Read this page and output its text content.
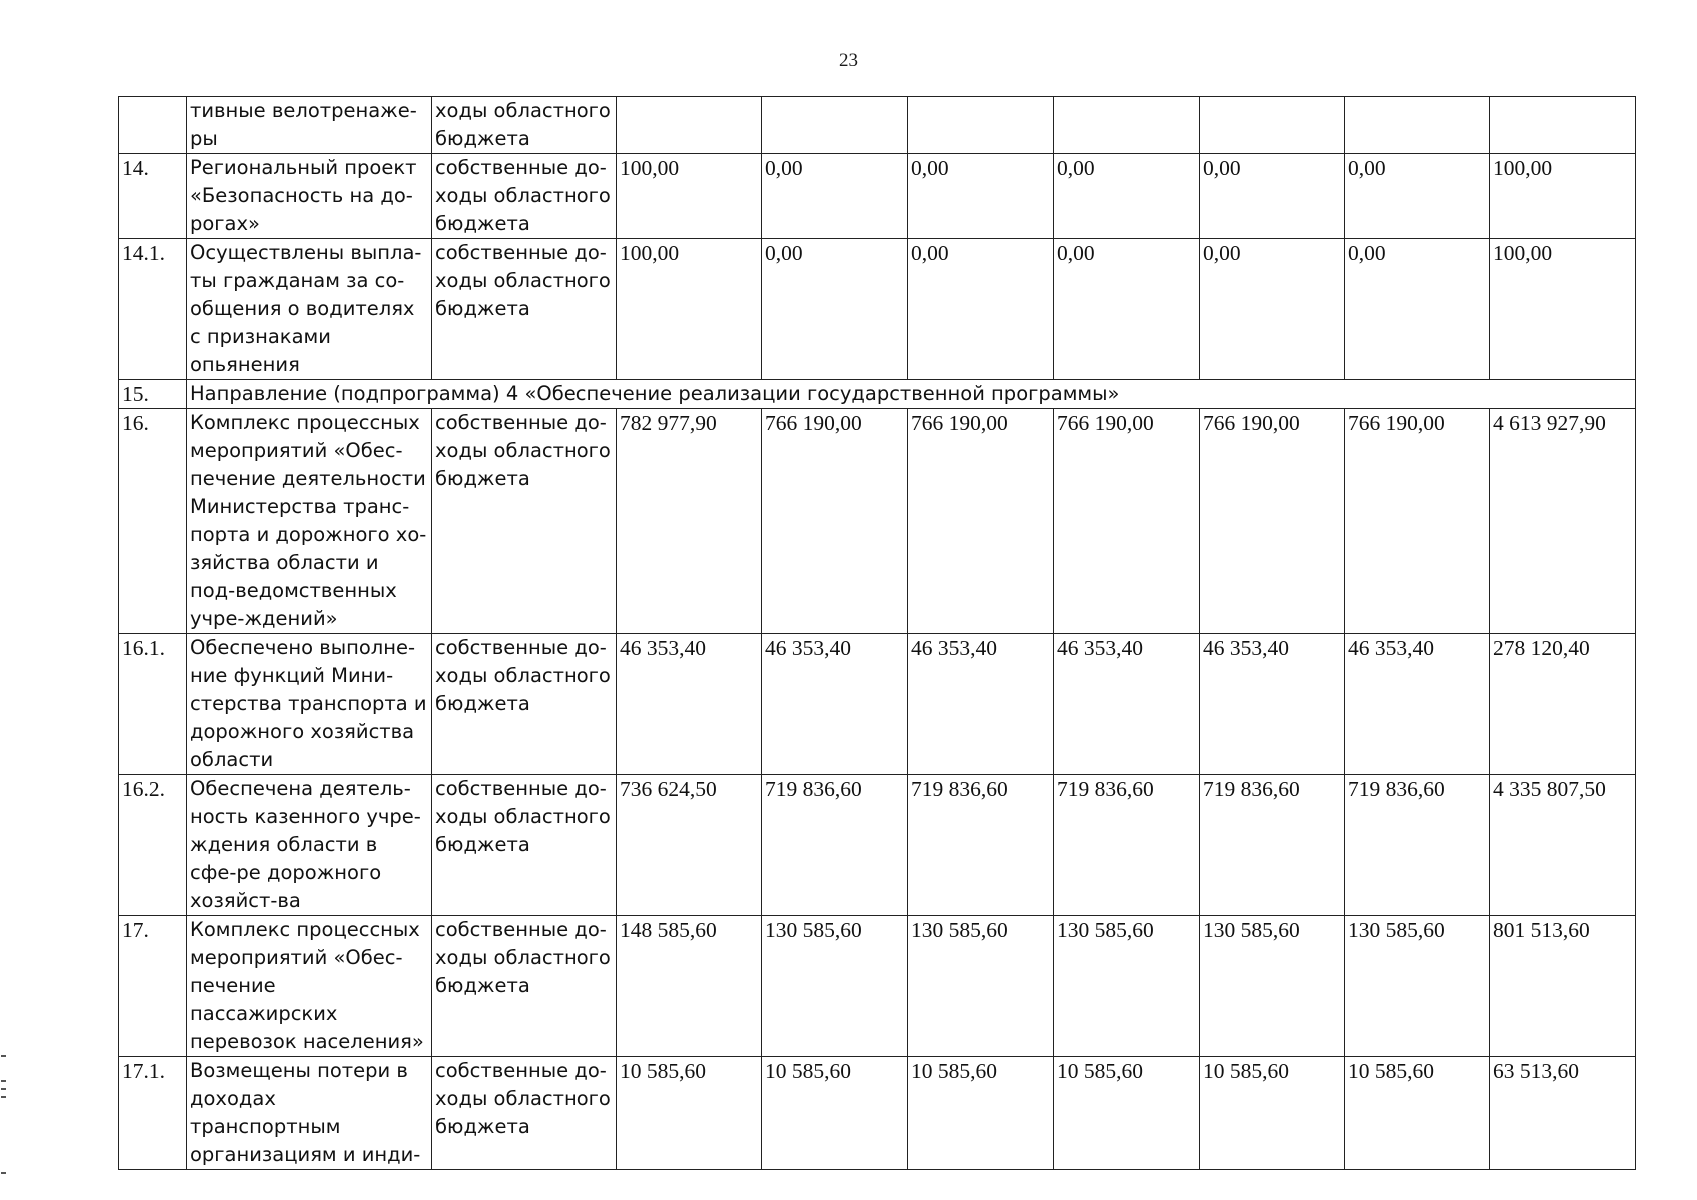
23
	тивные велотренаже-ры	ходы областного бюджета							
14.	Региональный проект «Безопасность на до-рогах»	собственные до-ходы областного бюджета	100,00	0,00	0,00	0,00	0,00	0,00	100,00
14.1.	Осуществлены выпла-ты гражданам за со-общения о водителях с признаками опьянения	собственные до-ходы областного бюджета	100,00	0,00	0,00	0,00	0,00	0,00	100,00
15.	Направление (подпрограмма) 4 «Обеспечение реализации государственной программы»								
16.	Комплекс процессных мероприятий «Обес-печение деятельности Министерства транс-порта и дорожного хо-зяйства области и под-ведомственных учре-ждений»	собственные до-ходы областного бюджета	782 977,90	766 190,00	766 190,00	766 190,00	766 190,00	766 190,00	4 613 927,90
16.1.	Обеспечено выполне-ние функций Мини-стерства транспорта и дорожного хозяйства области	собственные до-ходы областного бюджета	46 353,40	46 353,40	46 353,40	46 353,40	46 353,40	46 353,40	278 120,40
16.2.	Обеспечена деятель-ность казенного учре-ждения области в сфе-ре дорожного хозяйст-ва	собственные до-ходы областного бюджета	736 624,50	719 836,60	719 836,60	719 836,60	719 836,60	719 836,60	4 335 807,50
17.	Комплекс процессных мероприятий «Обес-печение пассажирских перевозок населения»	собственные до-ходы областного бюджета	148 585,60	130 585,60	130 585,60	130 585,60	130 585,60	130 585,60	801 513,60
17.1.	Возмещены потери в доходах транспортным организациям и инди-	собственные до-ходы областного бюджета	10 585,60	10 585,60	10 585,60	10 585,60	10 585,60	10 585,60	63 513,60
